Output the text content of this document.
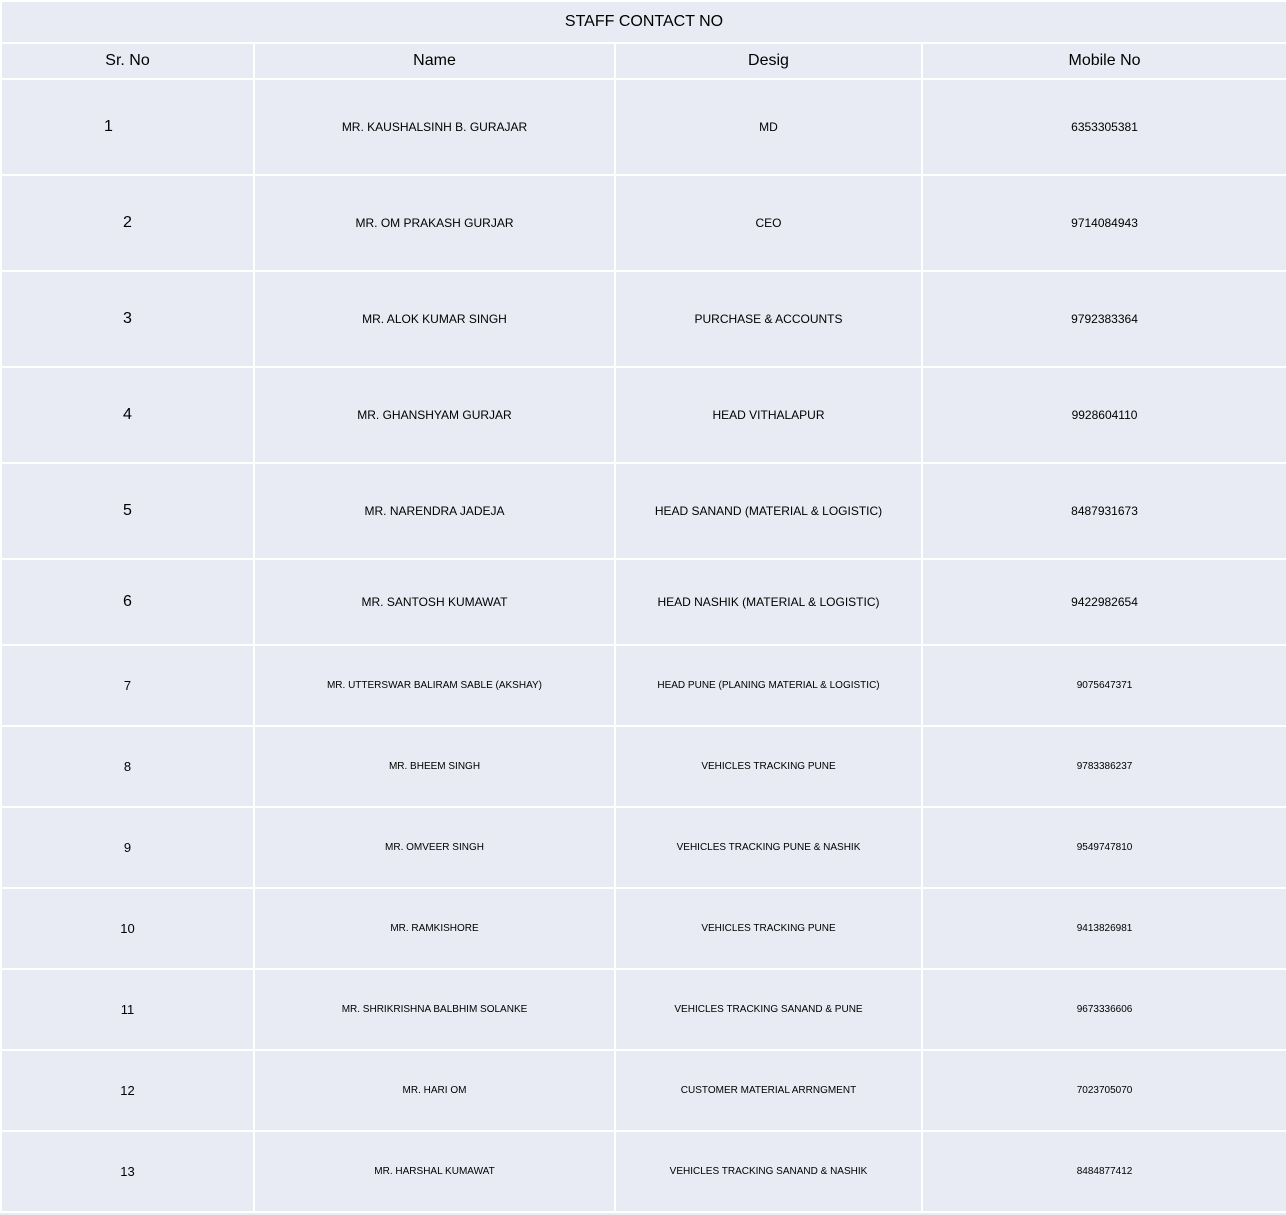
STAFF CONTACT NO			
Sr. No	Name	Desig	Mobile No
1	MR. KAUSHALSINH B. GURAJAR	MD	6353305381
2	MR. OM PRAKASH GURJAR	CEO	9714084943
3	MR. ALOK KUMAR SINGH	PURCHASE & ACCOUNTS	9792383364
4	MR. GHANSHYAM GURJAR	HEAD VITHALAPUR	9928604110
5	MR. NARENDRA JADEJA	HEAD SANAND (MATERIAL & LOGISTIC)	8487931673
6	MR. SANTOSH KUMAWAT	HEAD NASHIK (MATERIAL & LOGISTIC)	9422982654
7	MR. UTTERSWAR BALIRAM SABLE (AKSHAY)	HEAD PUNE (PLANING MATERIAL & LOGISTIC)	9075647371
8	MR. BHEEM SINGH	VEHICLES TRACKING PUNE	9783386237
9	MR. OMVEER SINGH	VEHICLES TRACKING PUNE & NASHIK	9549747810
10	MR. RAMKISHORE	VEHICLES TRACKING PUNE	9413826981
11	MR. SHRIKRISHNA BALBHIM SOLANKE	VEHICLES TRACKING SANAND & PUNE	9673336606
12	MR. HARI OM	CUSTOMER MATERIAL ARRNGMENT	7023705070
13	MR. HARSHAL KUMAWAT	VEHICLES TRACKING SANAND & NASHIK	8484877412
